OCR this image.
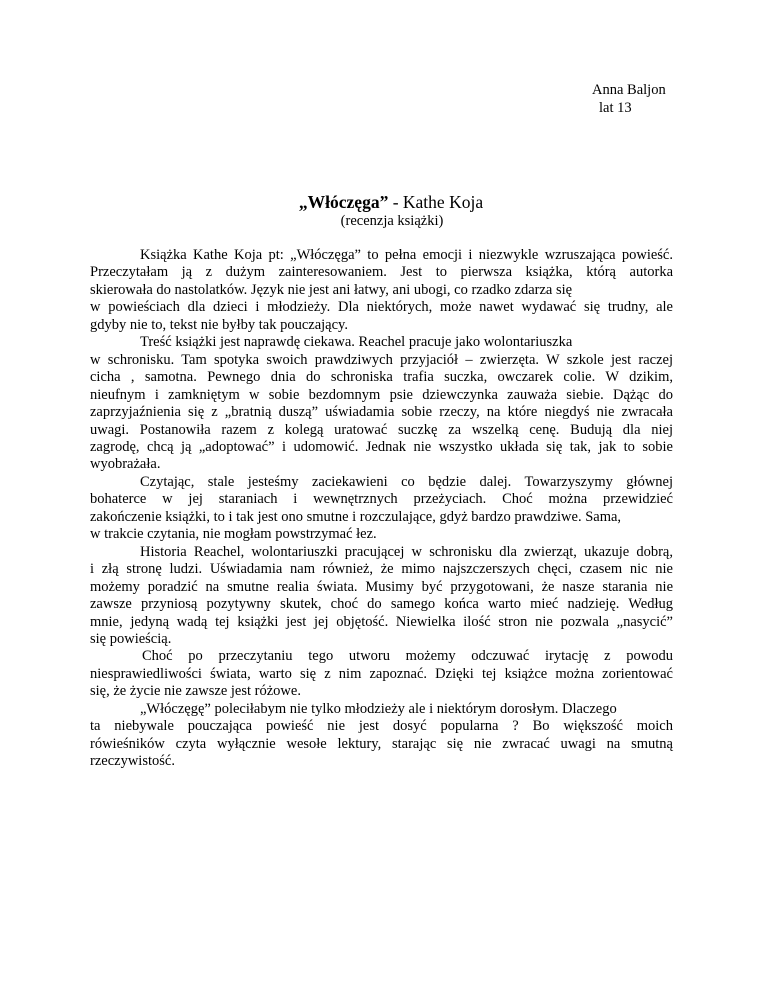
Anna Baljon
lat 13
„Włóczęga” - Kathe Koja
(recenzja książki)
Książka Kathe Koja pt: „Włóczęga” to pełna emocji i niezwykle wzruszająca powieść.
Przeczytałam ją z dużym zainteresowaniem. Jest to pierwsza książka, którą autorka
skierowała do nastolatków. Język nie jest ani łatwy, ani ubogi, co rzadko zdarza się
w powieściach dla dzieci i młodzieży. Dla niektórych, może nawet wydawać się trudny, ale
gdyby nie to, tekst nie byłby tak pouczający.
Treść książki jest naprawdę ciekawa. Reachel pracuje jako wolontariuszka
w schronisku. Tam spotyka swoich prawdziwych przyjaciół – zwierzęta. W szkole jest raczej
cicha , samotna. Pewnego dnia do schroniska trafia suczka, owczarek colie. W dzikim,
nieufnym i zamkniętym w sobie bezdomnym psie dziewczynka zauważa siebie. Dążąc do
zaprzyjaźnienia się z „bratnią duszą” uświadamia sobie rzeczy, na które niegdyś nie zwracała
uwagi. Postanowiła razem z kolegą uratować suczkę za wszelką cenę. Budują dla niej
zagrodę, chcą ją „adoptować” i udomowić. Jednak nie wszystko układa się tak, jak to sobie
wyobrażała.
Czytając, stale jesteśmy zaciekawieni co będzie dalej. Towarzyszymy głównej
bohaterce w jej staraniach i wewnętrznych przeżyciach. Choć można przewidzieć
zakończenie książki, to i tak jest ono smutne i rozczulające, gdyż bardzo prawdziwe. Sama,
w trakcie czytania, nie mogłam powstrzymać łez.
Historia Reachel, wolontariuszki pracującej w schronisku dla zwierząt, ukazuje dobrą,
i złą stronę ludzi. Uświadamia nam również, że mimo najszczerszych chęci, czasem nic nie
możemy poradzić na smutne realia świata. Musimy być przygotowani, że nasze starania nie
zawsze przyniosą pozytywny skutek, choć do samego końca warto mieć nadzieję. Według
mnie, jedyną wadą tej książki jest jej objętość. Niewielka ilość stron nie pozwala „nasycić”
się powieścią.
Choć po przeczytaniu tego utworu możemy odczuwać irytację z powodu
niesprawiedliwości świata, warto się z nim zapoznać. Dzięki tej książce można zorientować
się, że życie nie zawsze jest różowe.
„Włóczęgę” poleciłabym nie tylko młodzieży ale i niektórym dorosłym. Dlaczego
ta niebywale pouczająca powieść nie jest dosyć popularna ? Bo większość moich
rówieśników czyta wyłącznie wesołe lektury, starając się nie zwracać uwagi na smutną
rzeczywistość.
